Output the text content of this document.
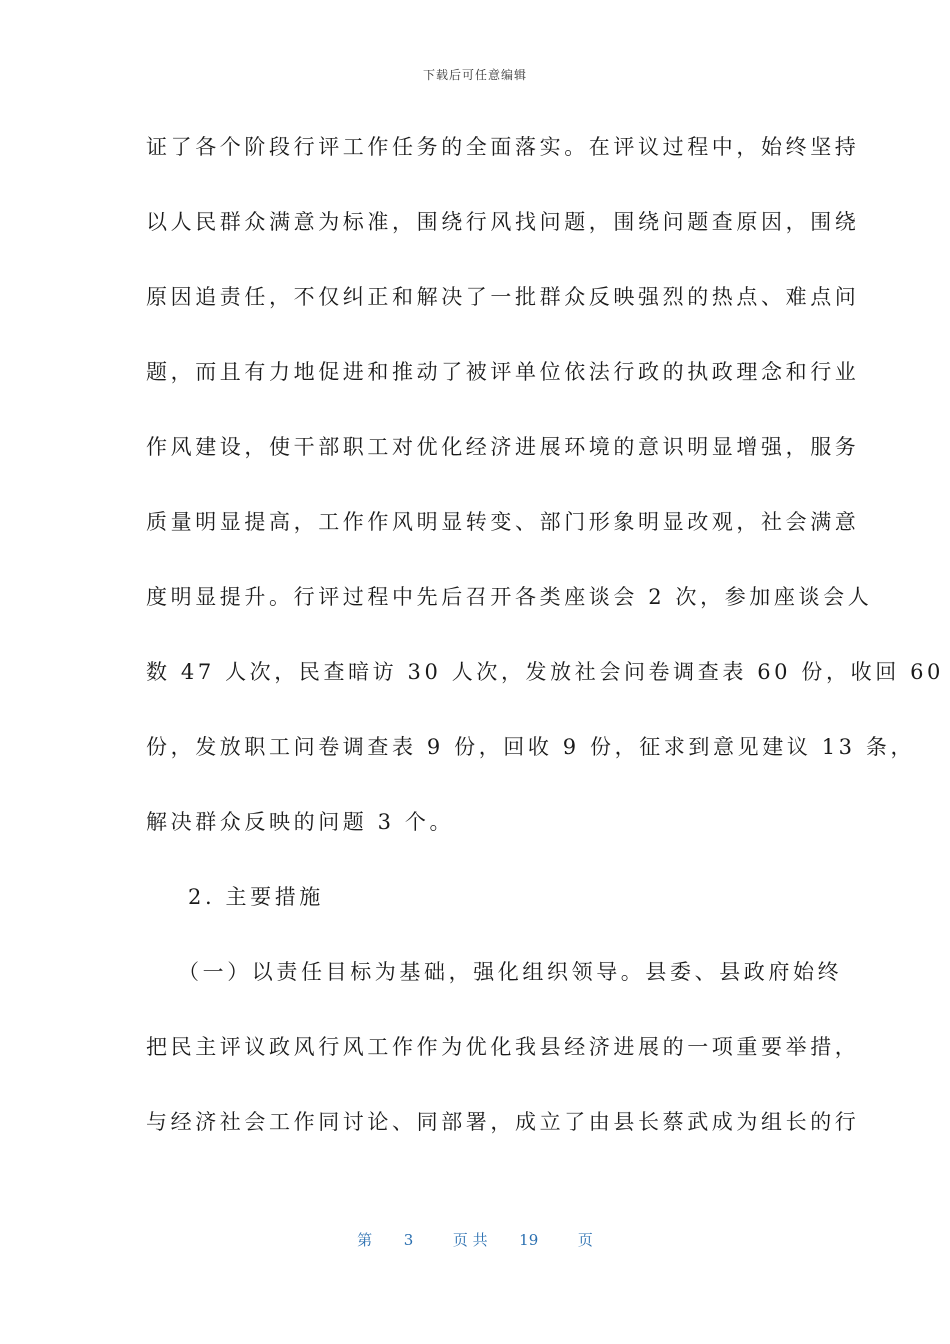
下载后可任意编辑
证了各个阶段行评工作任务的全面落实。在评议过程中，始终坚持
以人民群众满意为标准，围绕行风找问题，围绕问题查原因，围绕
原因追责任，不仅纠正和解决了一批群众反映强烈的热点、难点问
题，而且有力地促进和推动了被评单位依法行政的执政理念和行业
作风建设，使干部职工对优化经济进展环境的意识明显增强，服务
质量明显提高，工作作风明显转变、部门形象明显改观，社会满意
度明显提升。行评过程中先后召开各类座谈会 2 次，参加座谈会人
数 47 人次，民查暗访 30 人次，发放社会问卷调查表 60 份，收回 60
份，发放职工问卷调查表 9 份，回收 9 份，征求到意见建议 13 条，
解决群众反映的问题 3 个。
2. 主要措施
（一）以责任目标为基础，强化组织领导。县委、县政府始终
把民主评议政风行风工作作为优化我县经济进展的一项重要举措，
与经济社会工作同讨论、同部署，成立了由县长蔡武成为组长的行
第 3	页 共 19	页
